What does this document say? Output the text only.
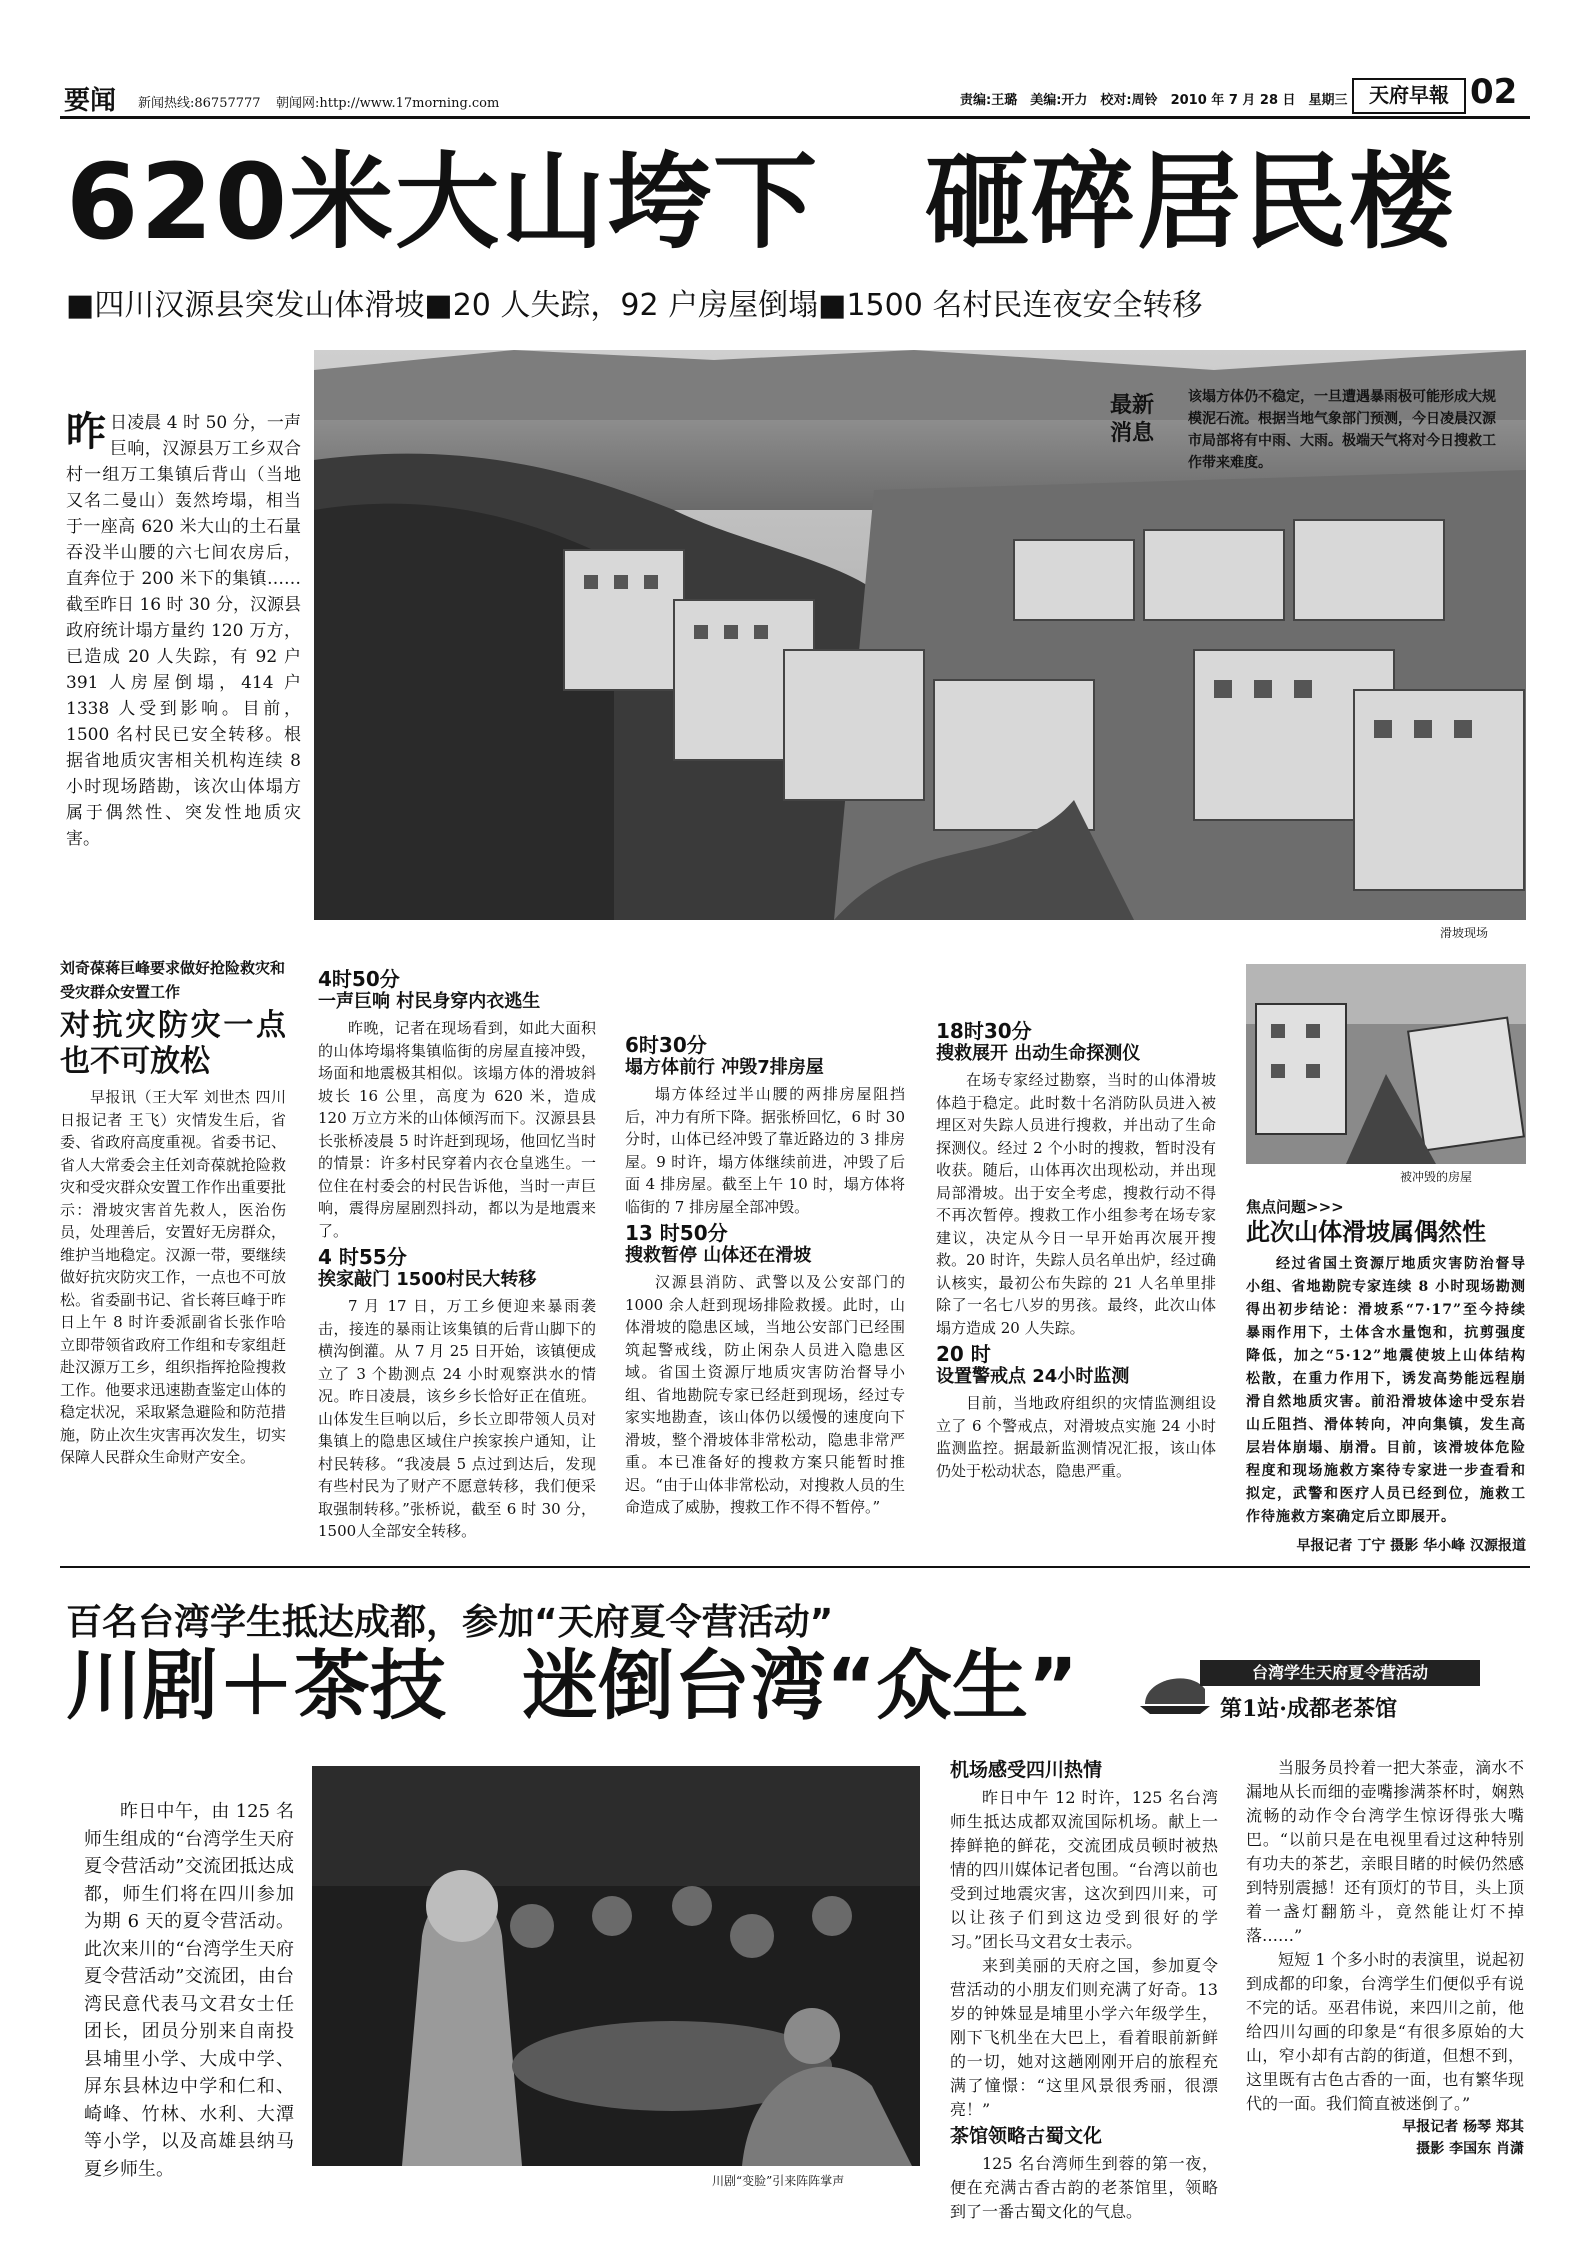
要闻 新闻热线:86757777 朝闻网:http://www.17morning.com	责编:王璐　美编:开力　校对:周铃　2010 年 7 月 28 日　星期三	天府早報 02
620米大山垮下　砸碎居民楼
■四川汉源县突发山体滑坡■20 人失踪，92 户房屋倒塌■1500 名村民连夜安全转移
滑坡现场
最新消息
该塌方体仍不稳定，一旦遭遇暴雨极可能形成大规模泥石流。根据当地气象部门预测，今日凌晨汉源市局部将有中雨、大雨。极端天气将对今日搜救工作带来难度。
昨 日凌晨 4 时 50 分，一声巨响，汉源县万工乡双合村一组万工集镇后背山（当地又名二曼山）轰然垮塌，相当于一座高 620 米大山的土石量吞没半山腰的六七间农房后，直奔位于 200 米下的集镇……截至昨日 16 时 30 分，汉源县政府统计塌方量约 120 万方，已造成 20 人失踪，有 92 户 391 人房屋倒塌，414 户 1338 人受到影响。目前，1500 名村民已安全转移。根据省地质灾害相关机构连续 8 小时现场踏勘，该次山体塌方属于偶然性、突发性地质灾害。
刘奇葆蒋巨峰要求做好抢险救灾和受灾群众安置工作
对抗灾防灾一点也不可放松

早报讯（王大军 刘世杰 四川日报记者 王飞）灾情发生后，省委、省政府高度重视。省委书记、省人大常委会主任刘奇葆就抢险救灾和受灾群众安置工作作出重要批示：滑坡灾害首先救人，医治伤员，处理善后，安置好无房群众，维护当地稳定。汉源一带，要继续做好抗灾防灾工作，一点也不可放松。省委副书记、省长蒋巨峰于昨日上午 8 时许委派副省长张作哈立即带领省政府工作组和专家组赶赴汉源万工乡，组织指挥抢险搜救工作。他要求迅速勘查鉴定山体的稳定状况，采取紧急避险和防范措施，防止次生灾害再次发生，切实保障人民群众生命财产安全。

4时50分
一声巨响 村民身穿内衣逃生

昨晚，记者在现场看到，如此大面积的山体垮塌将集镇临街的房屋直接冲毁，场面和地震极其相似。该塌方体的滑坡斜坡长 16 公里，高度为 620 米，造成 120 万立方米的山体倾泻而下。汉源县县长张桥凌晨 5 时许赶到现场，他回忆当时的情景：许多村民穿着内衣仓皇逃生。一位住在村委会的村民告诉他，当时一声巨响，震得房屋剧烈抖动，都以为是地震来了。

4 时55分
挨家敲门 1500村民大转移

7 月 17 日，万工乡便迎来暴雨袭击，接连的暴雨让该集镇的后背山脚下的横沟倒灌。从 7 月 25 日开始，该镇便成立了 3 个勘测点 24 小时观察洪水的情况。昨日凌晨，该乡乡长恰好正在值班。山体发生巨响以后，乡长立即带领人员对集镇上的隐患区域住户挨家挨户通知，让村民转移。“我凌晨 5 点过到达后，发现有些村民为了财产不愿意转移，我们便采取强制转移。”张桥说，截至 6 时 30 分，1500人全部安全转移。

6时30分
塌方体前行 冲毁7排房屋

塌方体经过半山腰的两排房屋阻挡后，冲力有所下降。据张桥回忆，6 时 30 分时，山体已经冲毁了靠近路边的 3 排房屋。9 时许，塌方体继续前进，冲毁了后面 4 排房屋。截至上午 10 时，塌方体将临街的 7 排房屋全部冲毁。

13 时50分
搜救暂停 山体还在滑坡

汉源县消防、武警以及公安部门的 1000 余人赶到现场排险救援。此时，山体滑坡的隐患区域，当地公安部门已经围筑起警戒线，防止闲杂人员进入隐患区域。省国土资源厅地质灾害防治督导小组、省地勘院专家已经赶到现场，经过专家实地勘查，该山体仍以缓慢的速度向下滑坡，整个滑坡体非常松动，隐患非常严重。本已准备好的搜救方案只能暂时推迟。“由于山体非常松动，对搜救人员的生命造成了威胁，搜救工作不得不暂停。”

18时30分
搜救展开 出动生命探测仪

在场专家经过勘察，当时的山体滑坡体趋于稳定。此时数十名消防队员进入被埋区对失踪人员进行搜救，并出动了生命探测仪。经过 2 个小时的搜救，暂时没有收获。随后，山体再次出现松动，并出现局部滑坡。出于安全考虑，搜救行动不得不再次暂停。搜救工作小组参考在场专家建议，决定从今日一早开始再次展开搜救。20 时许，失踪人员名单出炉，经过确认核实，最初公布失踪的 21 人名单里排除了一名七八岁的男孩。最终，此次山体塌方造成 20 人失踪。

20 时
设置警戒点 24小时监测

目前，当地政府组织的灾情监测组设立了 6 个警戒点，对滑坡点实施 24 小时监测监控。据最新监测情况汇报，该山体仍处于松动状态，隐患严重。

被冲毁的房屋
焦点问题>>>
此次山体滑坡属偶然性

经过省国土资源厅地质灾害防治督导小组、省地勘院专家连续 8 小时现场勘测得出初步结论：滑坡系“7·17”至今持续暴雨作用下，土体含水量饱和，抗剪强度降低，加之“5·12”地震使坡上山体结构松散，在重力作用下，诱发高势能远程崩滑自然地质灾害。前沿滑坡体途中受东岩山丘阻挡、滑体转向，冲向集镇，发生高层岩体崩塌、崩滑。目前，该滑坡体危险程度和现场施救方案待专家进一步查看和拟定，武警和医疗人员已经到位，施救工作待施救方案确定后立即展开。

早报记者 丁宁 摄影 华小峰 汉源报道
百名台湾学生抵达成都，参加“天府夏令营活动”
川剧＋茶技　迷倒台湾“众生”	台湾学生天府夏令营活动
第1站·成都老茶馆
昨日中午，由 125 名师生组成的“台湾学生天府夏令营活动”交流团抵达成都，师生们将在四川参加为期 6 天的夏令营活动。此次来川的“台湾学生天府夏令营活动”交流团，由台湾民意代表马文君女士任团长，团员分别来自南投县埔里小学、大成中学、屏东县林边中学和仁和、崎峰、竹林、水利、大潭等小学，以及高雄县纳马夏乡师生。
川剧“变脸”引来阵阵掌声
机场感受四川热情

昨日中午 12 时许，125 名台湾师生抵达成都双流国际机场。献上一捧鲜艳的鲜花，交流团成员顿时被热情的四川媒体记者包围。“台湾以前也受到过地震灾害，这次到四川来，可以让孩子们到这边受到很好的学习。”团长马文君女士表示。

来到美丽的天府之国，参加夏令营活动的小朋友们则充满了好奇。13 岁的钟姝显是埔里小学六年级学生，刚下飞机坐在大巴上，看着眼前新鲜的一切，她对这趟刚刚开启的旅程充满了憧憬：“这里风景很秀丽，很漂亮！”

茶馆领略古蜀文化

125 名台湾师生到蓉的第一夜，便在充满古香古韵的老茶馆里，领略到了一番古蜀文化的气息。

当服务员拎着一把大茶壶，滴水不漏地从长而细的壶嘴掺满茶杯时，娴熟流畅的动作令台湾学生惊讶得张大嘴巴。“以前只是在电视里看过这种特别有功夫的茶艺，亲眼目睹的时候仍然感到特别震撼！还有顶灯的节目，头上顶着一盏灯翻筋斗，竟然能让灯不掉落……”

短短 1 个多小时的表演里，说起初到成都的印象，台湾学生们便似乎有说不完的话。巫君伟说，来四川之前，他给四川勾画的印象是“有很多原始的大山，窄小却有古韵的街道，但想不到，这里既有古色古香的一面，也有繁华现代的一面。我们简直被迷倒了。”

早报记者 杨琴 郑其
摄影 李国东 肖潇
